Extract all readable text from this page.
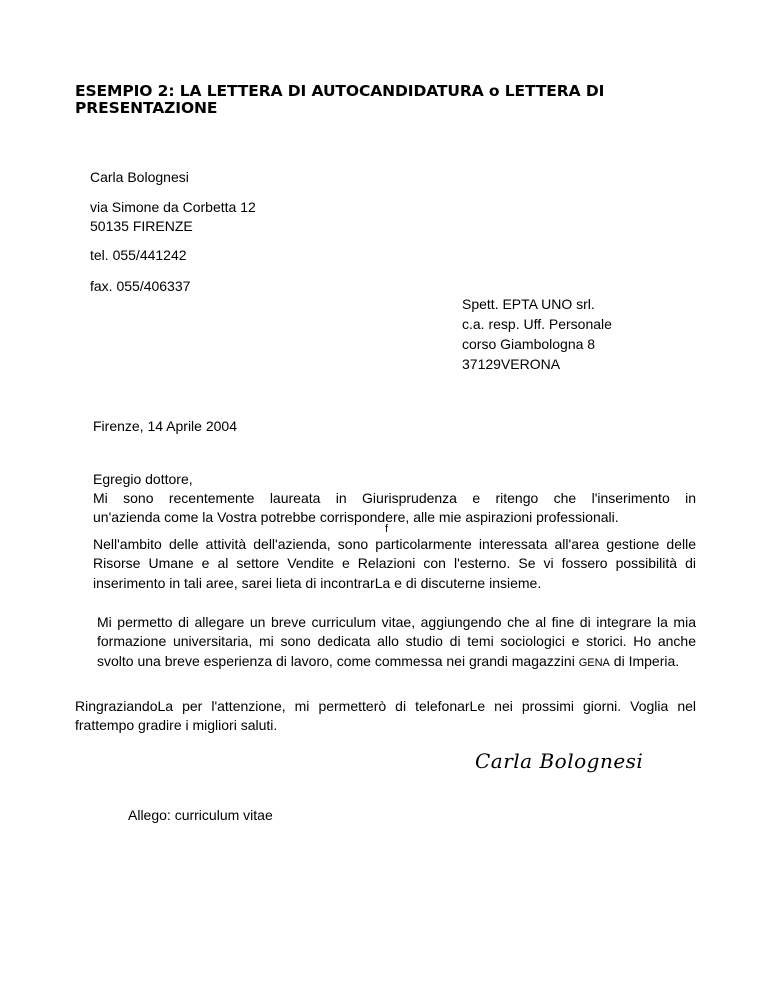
ESEMPIO 2: LA LETTERA DI AUTOCANDIDATURA o LETTERA DI
PRESENTAZIONE
Carla Bolognesi
via Simone da Corbetta 12
50135 FIRENZE
tel. 055/441242
fax. 055/406337
Spett. EPTA UNO srl.
c.a. resp. Uff. Personale
corso Giambologna 8
37129VERONA
Firenze, 14 Aprile 2004
Egregio dottore,
Mi sono recentemente laureata in Giurisprudenza e ritengo che l'inserimento in
un'azienda come la Vostra potrebbe corrispondere, alle mie aspirazioni professionali.
f
Nell'ambito delle attività dell'azienda, sono particolarmente interessata all'area gestione delle Risorse Umane e al settore Vendite e Relazioni con l'esterno. Se vi fossero possibilità di inserimento in tali aree, sarei lieta di incontrarLa e di discuterne insieme.
Mi permetto di allegare un breve curriculum vitae, aggiungendo che al fine di integrare la mia formazione universitaria, mi sono dedicata allo studio di temi sociologici e storici. Ho anche svolto una breve esperienza di lavoro, come commessa nei grandi magazzini GENA di Imperia.
RingraziandoLa per l'attenzione, mi permetterò di telefonarLe nei prossimi giorni. Voglia nel frattempo gradire i migliori saluti.
Carla Bolognesi
Allego: curriculum vitae
